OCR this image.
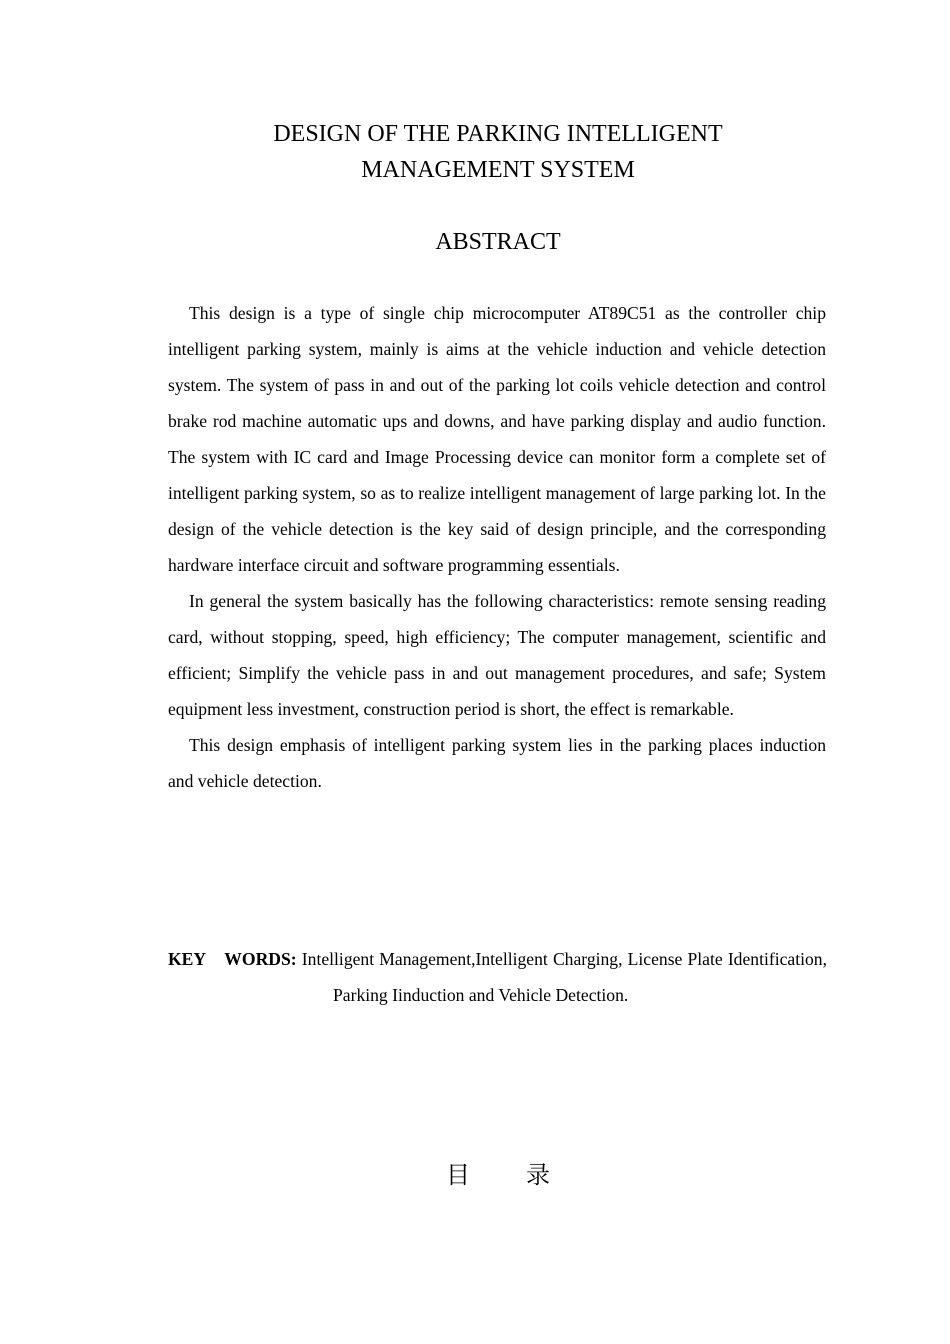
DESIGN OF THE PARKING INTELLIGENT
MANAGEMENT SYSTEM
ABSTRACT

This design is a type of single chip microcomputer AT89C51 as the controller chip intelligent parking system, mainly is aims at the vehicle induction and vehicle detection system. The system of pass in and out of the parking lot coils vehicle detection and control brake rod machine automatic ups and downs, and have parking display and audio function. The system with IC card and Image Processing device can monitor form a complete set of intelligent parking system, so as to realize intelligent management of large parking lot. In the design of the vehicle detection is the key said of design principle, and the corresponding hardware interface circuit and software programming essentials.

In general the system basically has the following characteristics: remote sensing reading card, without stopping, speed, high efficiency; The computer management, scientific and efficient; Simplify the vehicle pass in and out management procedures, and safe; System equipment less investment, construction period is short, the effect is remarkable.

This design emphasis of intelligent parking system lies in the parking places induction and vehicle detection.

KEY WORDS: Intelligent Management,Intelligent Charging, License Plate Identification, Parking Iinduction and Vehicle Detection.
目 录
